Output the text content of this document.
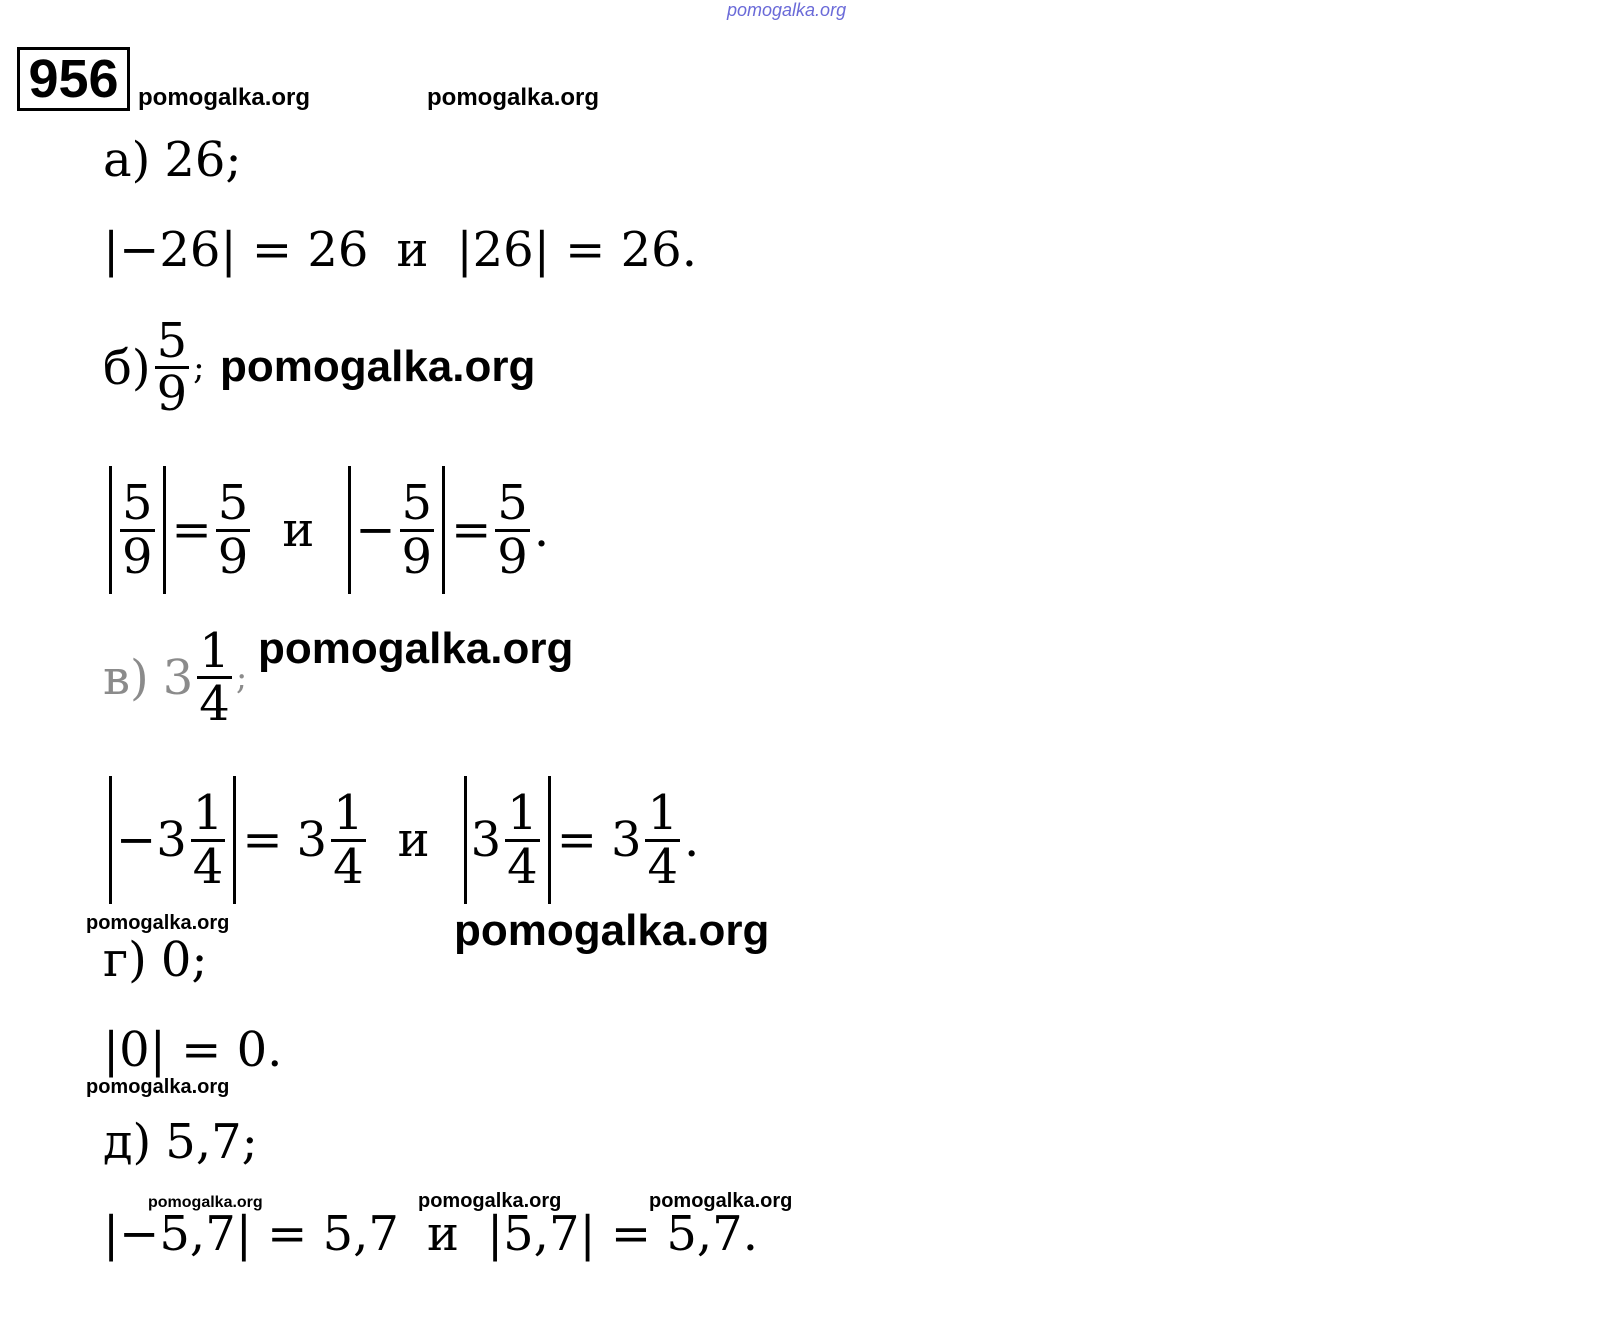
pomogalka.org
956 pomogalka.org	pomogalka.org
а) 26;
|−26| = 26 и |26| = 26.
$б) \frac{5}{9}$ ; pomogalka.org
$\frac{5}{9} = \frac{5}{9}$ $и - \frac{5}{9} = \frac{5}{9}$ .
в) $3 \frac{1}{4}$ ;
pomogalka.org
− $3 \frac{1}{4} = 3 \frac{1}{4}$ и $3 \frac{1}{4} = 3 \frac{1}{4}$ .
pomogalka.org	pomogalka.org
г) 0;
|0| = 0.
pomogalka.org
д) 5,7;
pomogalka.org	pomogalka.org	pomogalka.org
|−5,7| = 5,7 и |5,7| = 5,7.
